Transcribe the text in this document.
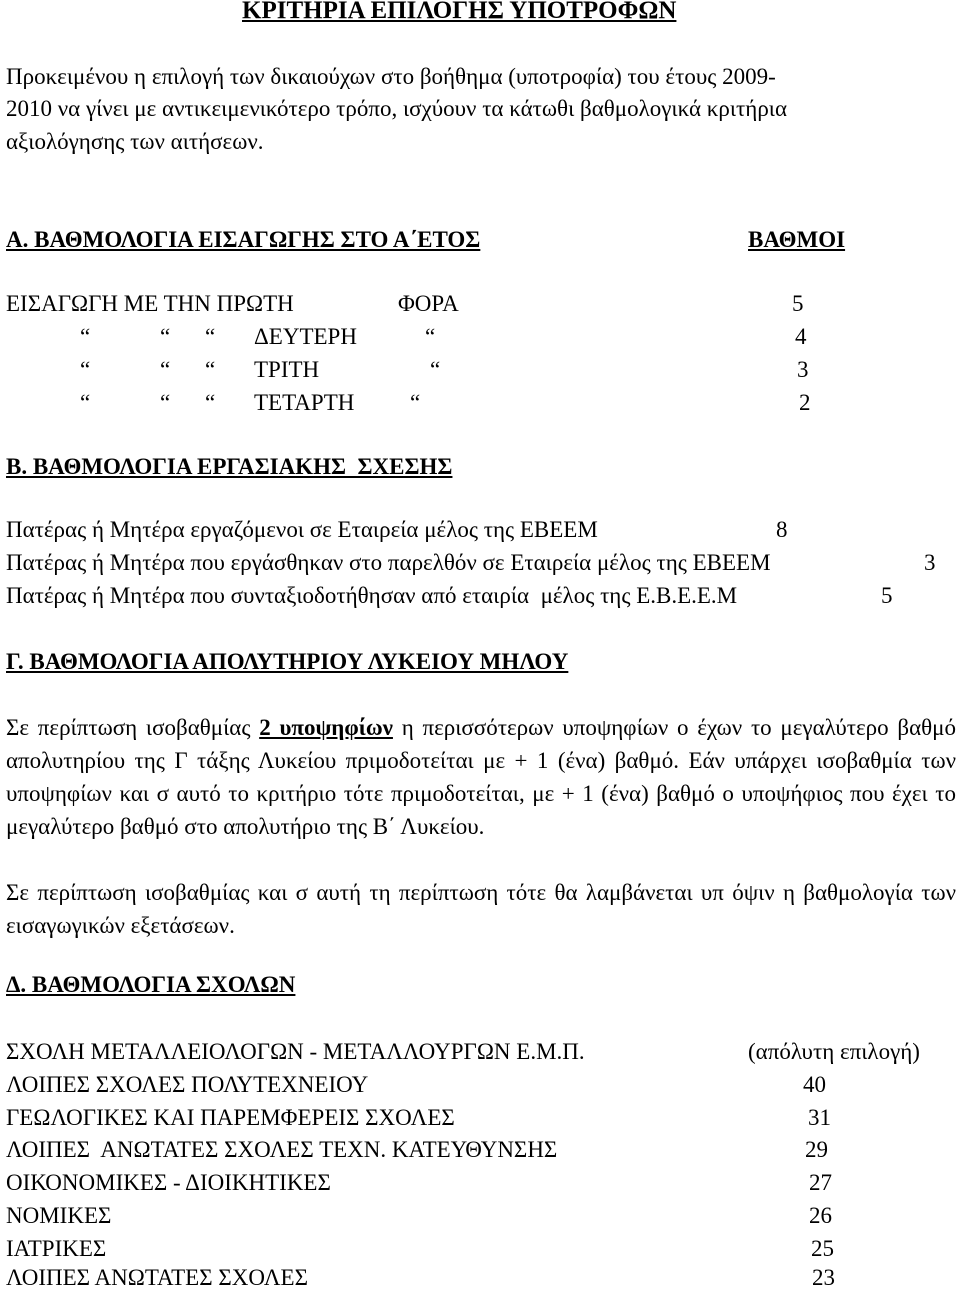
ΚΡΙΤΗΡΙΑ ΕΠΙΛΟΓΗΣ ΥΠΟΤΡΟΦΩΝ
Προκειμένου η επιλογή των δικαιούχων στο βοήθημα (υποτροφία) του έτους 2009-
2010 να γίνει με αντικειμενικότερο τρόπο, ισχύουν τα κάτωθι βαθμολογικά κριτήρια
αξιολόγησης των αιτήσεων.
Α. ΒΑΘΜΟΛΟΓΙΑ ΕΙΣΑΓΩΓΗΣ ΣΤΟ Α΄ΕΤΟΣ	ΒΑΘΜΟΙ
ΕΙΣΑΓΩΓΗ ΜΕ ΤΗΝ ΠΡΩΤΗ	ΦΟΡΑ	5
“	“ “ ΔΕΥΤΕΡΗ	“	4
“	“ “ ΤΡΙΤΗ	“	3
“	“ “ ΤΕΤΑΡΤΗ “	2
Β. ΒΑΘΜΟΛΟΓΙΑ ΕΡΓΑΣΙΑΚΗΣ  ΣΧΕΣΗΣ
Πατέρας ή Μητέρα εργαζόμενοι σε Εταιρεία μέλος της ΕΒΕΕΜ	8
Πατέρας ή Μητέρα που εργάσθηκαν στο παρελθόν σε Εταιρεία μέλος της ΕΒΕΕΜ	3
Πατέρας ή Μητέρα που συνταξιοδοτήθησαν από εταιρία  μέλος της Ε.Β.Ε.Ε.Μ	5
Γ. ΒΑΘΜΟΛΟΓΙΑ ΑΠΟΛΥΤΗΡΙΟΥ ΛΥΚΕΙΟΥ ΜΗΛΟΥ
Σε περίπτωση ισοβαθμίας 2 υποψηφίων η περισσότερων υποψηφίων ο έχων το μεγαλύτερο βαθμό απολυτηρίου της Γ τάξης Λυκείου πριμοδοτείται με + 1 (ένα) βαθμό. Εάν υπάρχει ισοβαθμία των υποψηφίων και σ αυτό το κριτήριο τότε πριμοδοτείται, με + 1 (ένα) βαθμό ο υποψήφιος που έχει το μεγαλύτερο βαθμό στο απολυτήριο της Β΄ Λυκείου.
Σε περίπτωση ισοβαθμίας και σ αυτή τη περίπτωση τότε θα λαμβάνεται υπ όψιν η βαθμολογία των εισαγωγικών εξετάσεων.
Δ. ΒΑΘΜΟΛΟΓΙΑ ΣΧΟΛΩΝ
ΣΧΟΛΗ ΜΕΤΑΛΛΕΙΟΛΟΓΩΝ - ΜΕΤΑΛΛΟΥΡΓΩΝ Ε.Μ.Π.	(απόλυτη επιλογή)
ΛΟΙΠΕΣ ΣΧΟΛΕΣ ΠΟΛΥΤΕΧΝΕΙΟΥ	40
ΓΕΩΛΟΓΙΚΕΣ ΚΑΙ ΠΑΡΕΜΦΕΡΕΙΣ ΣΧΟΛΕΣ	31
ΛΟΙΠΕΣ  ΑΝΩΤΑΤΕΣ ΣΧΟΛΕΣ ΤΕΧΝ. ΚΑΤΕΥΘΥΝΣΗΣ	29
ΟΙΚΟΝΟΜΙΚΕΣ - ΔΙΟΙΚΗΤΙΚΕΣ	27
ΝΟΜΙΚΕΣ	26
ΙΑΤΡΙΚΕΣ	25
ΛΟΙΠΕΣ ΑΝΩΤΑΤΕΣ ΣΧΟΛΕΣ	23
